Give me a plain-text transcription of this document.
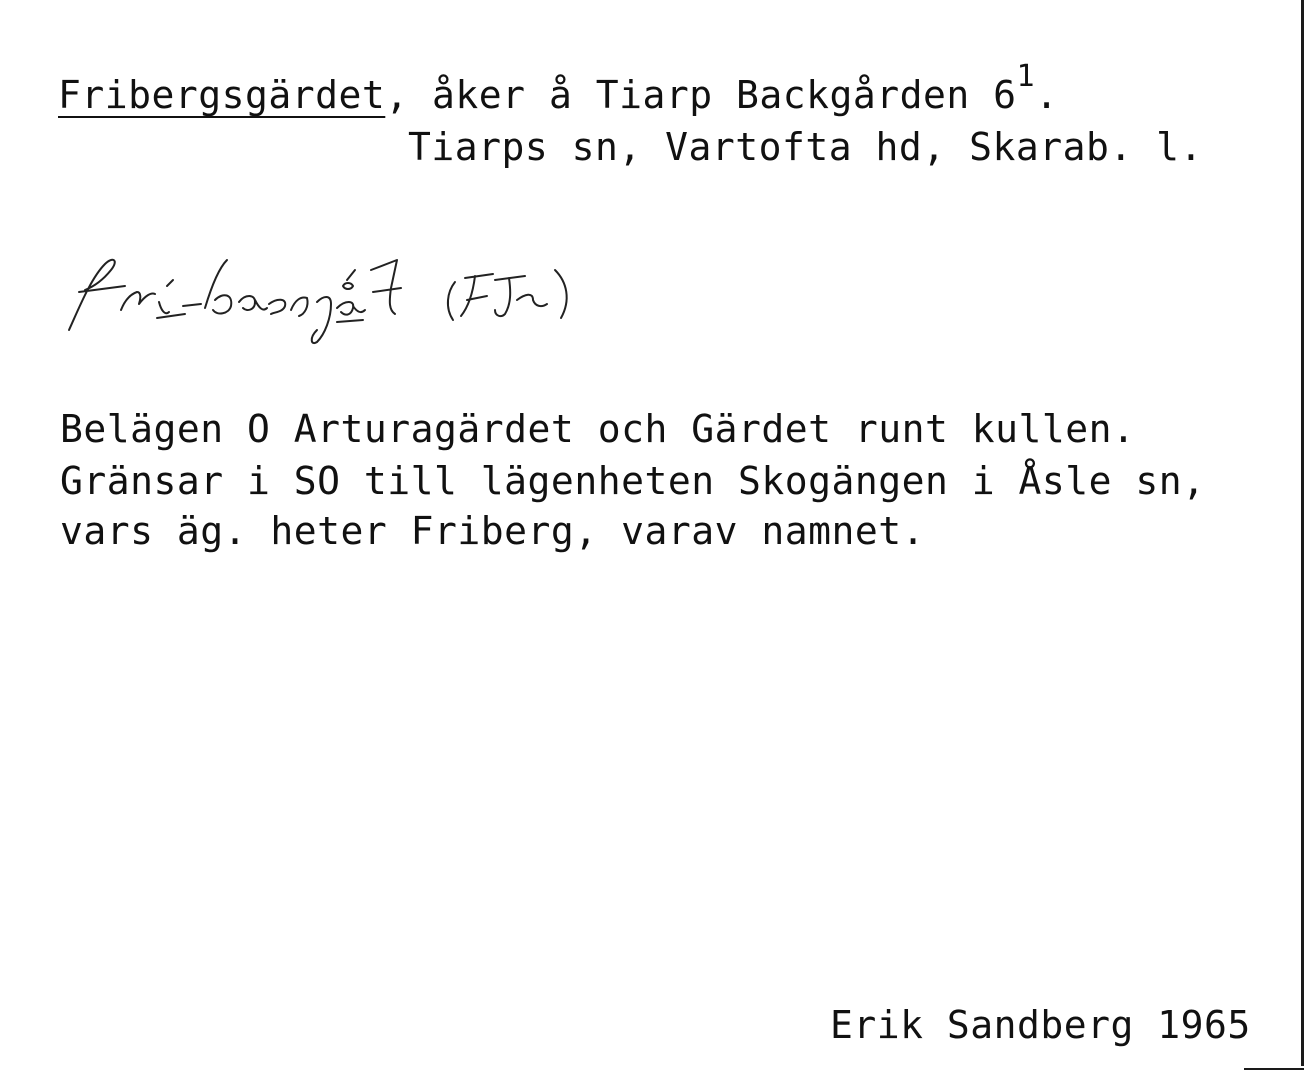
Fribergsgärdet, åker å Tiarp Backgården $6^1$.
Tiarps sn, Vartofta hd, Skarab. l.
Belägen O Arturagärdet och Gärdet runt kullen.
Gränsar i SO till lägenheten Skogängen i Åsle sn,
vars äg. heter Friberg, varav namnet.
Erik Sandberg 1965
